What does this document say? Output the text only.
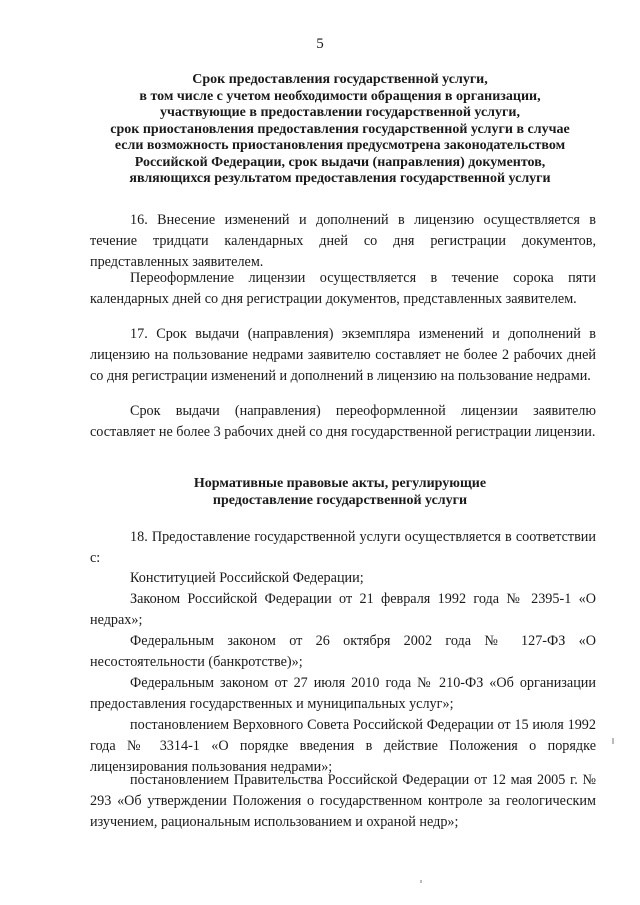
5
Срок предоставления государственной услуги,
в том числе с учетом необходимости обращения в организации,
участвующие в предоставлении государственной услуги,
срок приостановления предоставления государственной услуги в случае
если возможность приостановления предусмотрена законодательством
Российской Федерации, срок выдачи (направления) документов,
являющихся результатом предоставления государственной услуги

16. Внесение изменений и дополнений в лицензию осуществляется в течение тридцати календарных дней со дня регистрации документов, представленных заявителем.

Переоформление лицензии осуществляется в течение сорока пяти календарных дней со дня регистрации документов, представленных заявителем.

17. Срок выдачи (направления) экземпляра изменений и дополнений в лицензию на пользование недрами заявителю составляет не более 2 рабочих дней со дня регистрации изменений и дополнений в лицензию на пользование недрами.

Срок выдачи (направления) переоформленной лицензии заявителю составляет не более 3 рабочих дней со дня государственной регистрации лицензии.

Нормативные правовые акты, регулирующие
предоставление государственной услуги

18. Предоставление государственной услуги осуществляется в соответствии с:

Конституцией Российской Федерации;

Законом Российской Федерации от 21 февраля 1992 года № 2395-1 «О недрах»;

Федеральным законом от 26 октября 2002 года № 127-ФЗ «О несостоятельности (банкротстве)»;

Федеральным законом от 27 июля 2010 года № 210-ФЗ «Об организации предоставления государственных и муниципальных услуг»;

постановлением Верховного Совета Российской Федерации от 15 июля 1992 года № 3314-1 «О порядке введения в действие Положения о порядке лицензирования пользования недрами»;

постановлением Правительства Российской Федерации от 12 мая 2005 г. № 293 «Об утверждении Положения о государственном контроле за геологическим изучением, рациональным использованием и охраной недр»;
